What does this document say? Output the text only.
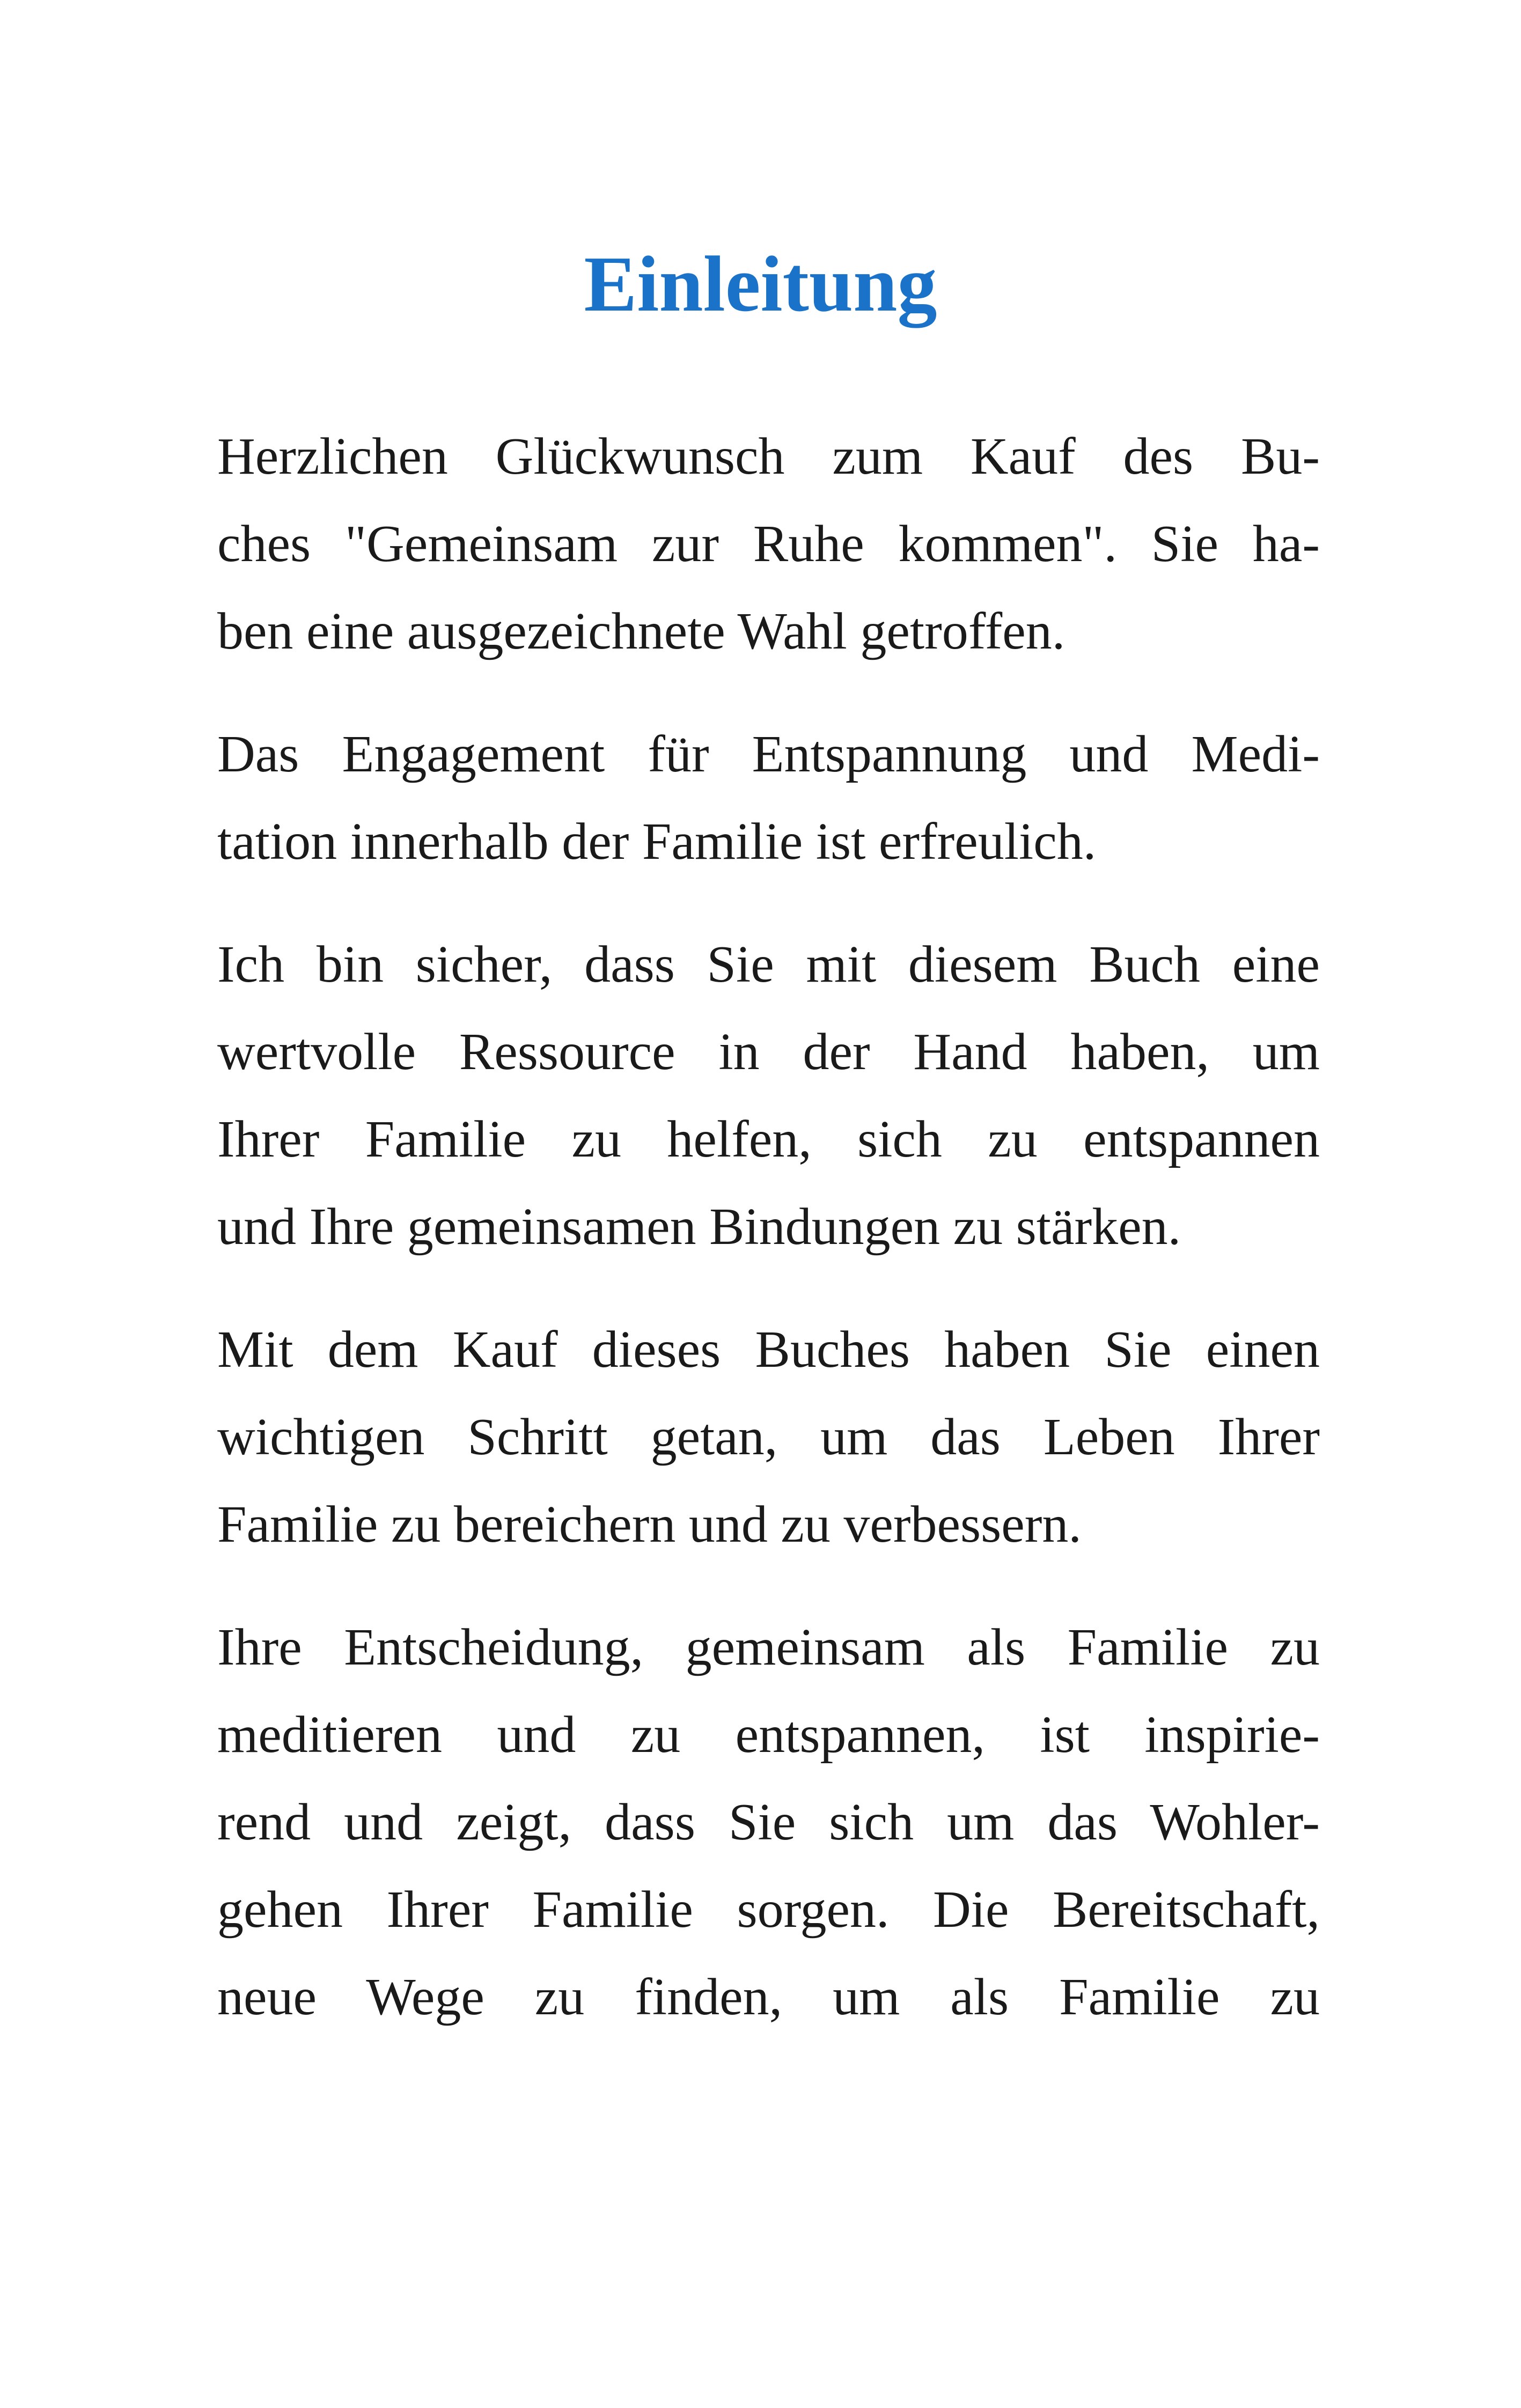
Einleitung

Herzlichen Glückwunsch zum Kauf des Bu-
ches "Gemeinsam zur Ruhe kommen". Sie ha-
ben eine ausgezeichnete Wahl getroffen.

Das Engagement für Entspannung und Medi-
tation innerhalb der Familie ist erfreulich.

Ich bin sicher, dass Sie mit diesem Buch eine
wertvolle Ressource in der Hand haben, um
Ihrer Familie zu helfen, sich zu entspannen
und Ihre gemeinsamen Bindungen zu stärken.

Mit dem Kauf dieses Buches haben Sie einen
wichtigen Schritt getan, um das Leben Ihrer
Familie zu bereichern und zu verbessern.

Ihre Entscheidung, gemeinsam als Familie zu
meditieren und zu entspannen, ist inspirie-
rend und zeigt, dass Sie sich um das Wohler-
gehen Ihrer Familie sorgen. Die Bereitschaft,
neue Wege zu finden, um als Familie zu
